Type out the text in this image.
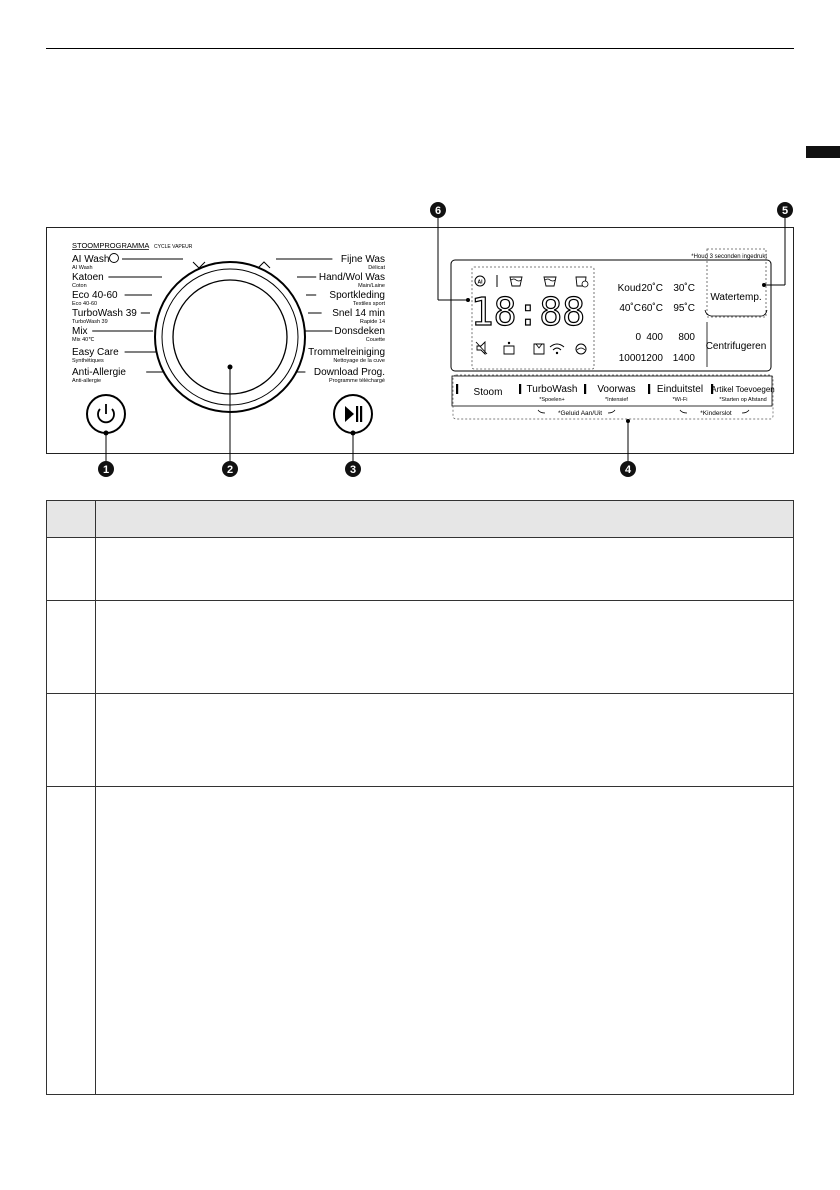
6	5
STOOMPROGRAMMA CYCLE VAPEUR
AI Wash
AI Wash
Katoen
Coton
Eco 40-60
Eco 40-60
TurboWash 39
TurboWash 39
Mix
Mix 40℃
Easy Care
Synthétiques
Anti-Allergie
Anti-allergie
Fijne Was
Délicat
Hand/Wol Was
Main/Laine
Sportkleding
Textiles sport
Snel 14 min
Rapide 14
Donsdeken
Couette
Trommelreiniging
Nettoyage de la cuve
Download Prog.
Programme téléchargé
1	2	3	4
*Houd 3 seconden ingedrukt
AI
18:88
Koud 20˚C 30˚C
40˚C 60˚C 95˚C
0 400 800
1000 1200 1400
Watertemp.
Centrifugeren
Stoom TurboWash
*Spoelen+
Voorwas
*Intensief
Einduitstel
*Wi-Fi
Artikel Toevoegen
*Starten op Afstand
*Geluid Aan/Uit	*Kinderslot
